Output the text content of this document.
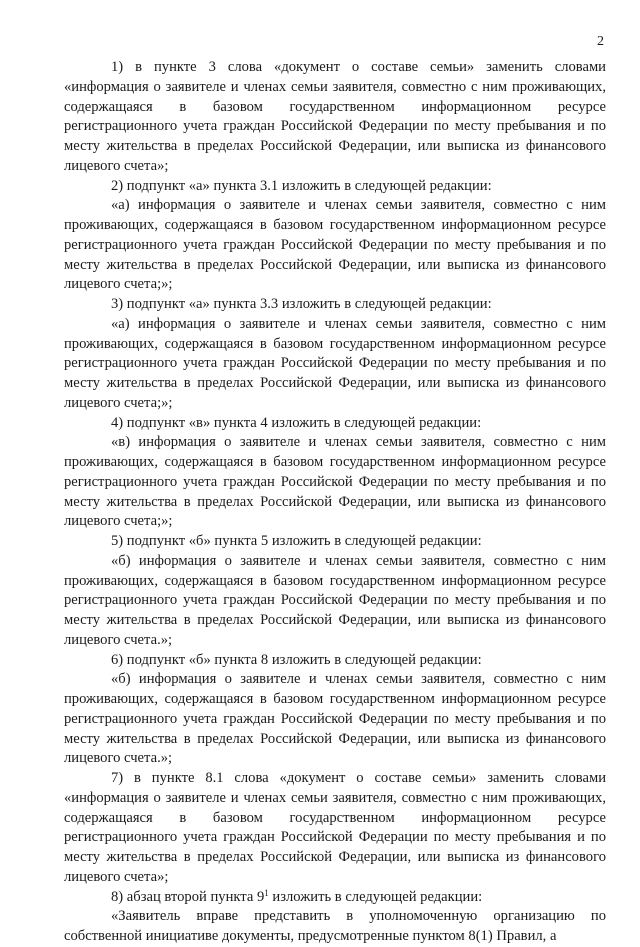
2

1) в пункте 3 слова «документ о составе семьи» заменить словами «информация о заявителе и членах семьи заявителя, совместно с ним проживающих, содержащаяся в базовом государственном информационном ресурсе регистрационного учета граждан Российской Федерации по месту пребывания и по месту жительства в пределах Российской Федерации, или выписка из финансового лицевого счета»;

2) подпункт «а» пункта 3.1 изложить в следующей редакции:

«а) информация о заявителе и членах семьи заявителя, совместно с ним проживающих, содержащаяся в базовом государственном информационном ресурсе регистрационного учета граждан Российской Федерации по месту пребывания и по месту жительства в пределах Российской Федерации, или выписка из финансового лицевого счета;»;

3) подпункт «а» пункта 3.3 изложить в следующей редакции:

«а) информация о заявителе и членах семьи заявителя, совместно с ним проживающих, содержащаяся в базовом государственном информационном ресурсе регистрационного учета граждан Российской Федерации по месту пребывания и по месту жительства в пределах Российской Федерации, или выписка из финансового лицевого счета;»;

4) подпункт «в» пункта 4 изложить в следующей редакции:

«в) информация о заявителе и членах семьи заявителя, совместно с ним проживающих, содержащаяся в базовом государственном информационном ресурсе регистрационного учета граждан Российской Федерации по месту пребывания и по месту жительства в пределах Российской Федерации, или выписка из финансового лицевого счета;»;

5) подпункт «б» пункта 5 изложить в следующей редакции:

«б) информация о заявителе и членах семьи заявителя, совместно с ним проживающих, содержащаяся в базовом государственном информационном ресурсе регистрационного учета граждан Российской Федерации по месту пребывания и по месту жительства в пределах Российской Федерации, или выписка из финансового лицевого счета.»;

6) подпункт «б» пункта 8 изложить в следующей редакции:

«б) информация о заявителе и членах семьи заявителя, совместно с ним проживающих, содержащаяся в базовом государственном информационном ресурсе регистрационного учета граждан Российской Федерации по месту пребывания и по месту жительства в пределах Российской Федерации, или выписка из финансового лицевого счета.»;

7) в пункте 8.1 слова «документ о составе семьи» заменить словами «информация о заявителе и членах семьи заявителя, совместно с ним проживающих, содержащаяся в базовом государственном информационном ресурсе регистрационного учета граждан Российской Федерации по месту пребывания и по месту жительства в пределах Российской Федерации, или выписка из финансового лицевого счета»;

8) абзац второй пункта $9^1$ изложить в следующей редакции:

«Заявитель вправе представить в уполномоченную организацию по собственной инициативе документы, предусмотренные пунктом 8(1) Правил, а
